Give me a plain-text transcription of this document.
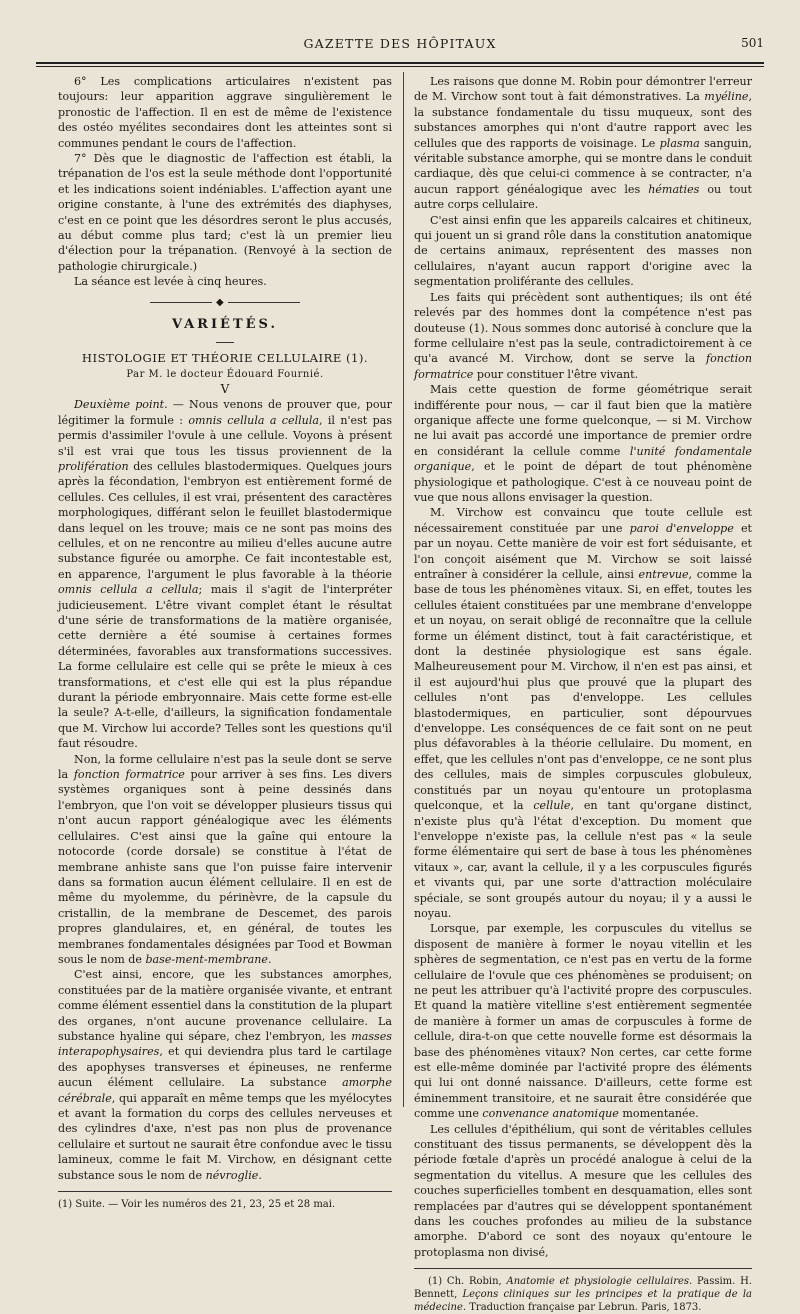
GAZETTE DES HÔPITAUX	501

6° Les complications articulaires n'existent pas toujours: leur apparition aggrave singulièrement le pronostic de l'affection. Il en est de même de l'existence des ostéo myélites secondaires dont les atteintes sont si communes pendant le cours de l'affection.

7° Dès que le diagnostic de l'affection est établi, la trépanation de l'os est la seule méthode dont l'opportunité et les indications soient indéniables. L'affection ayant une origine constante, à l'une des extrémités des diaphyses, c'est en ce point que les désordres seront le plus accusés, au début comme plus tard; c'est là un premier lieu d'élection pour la trépanation. (Renvoyé à la section de pathologie chirurgicale.)

La séance est levée à cinq heures.

◆

VARIÉTÉS.

HISTOLOGIE ET THÉORIE CELLULAIRE (1).

Par M. le docteur Édouard Fournié.

V

Deuxième point. — Nous venons de prouver que, pour légitimer la formule : omnis cellula a cellula, il n'est pas permis d'assimiler l'ovule à une cellule. Voyons à présent s'il est vrai que tous les tissus proviennent de la prolifération des cellules blastodermiques. Quelques jours après la fécondation, l'embryon est entièrement formé de cellules. Ces cellules, il est vrai, présentent des caractères morphologiques, différant selon le feuillet blastodermique dans lequel on les trouve; mais ce ne sont pas moins des cellules, et on ne rencontre au milieu d'elles aucune autre substance figurée ou amorphe. Ce fait incontestable est, en apparence, l'argument le plus favorable à la théorie omnis cellula a cellula; mais il s'agit de l'interpréter judicieusement. L'être vivant complet étant le résultat d'une série de transformations de la matière organisée, cette dernière a été soumise à certaines formes déterminées, favorables aux transformations successives. La forme cellulaire est celle qui se prête le mieux à ces transformations, et c'est elle qui est la plus répandue durant la période embryonnaire. Mais cette forme est-elle la seule? A-t-elle, d'ailleurs, la signification fondamentale que M. Virchow lui accorde? Telles sont les questions qu'il faut résoudre.

Non, la forme cellulaire n'est pas la seule dont se serve la fonction formatrice pour arriver à ses fins. Les divers systèmes organiques sont à peine dessinés dans l'embryon, que l'on voit se développer plusieurs tissus qui n'ont aucun rapport généalogique avec les éléments cellulaires. C'est ainsi que la gaîne qui entoure la notocorde (corde dorsale) se constitue à l'état de membrane anhiste sans que l'on puisse faire intervenir dans sa formation aucun élément cellulaire. Il en est de même du myolemme, du périnèvre, de la capsule du cristallin, de la membrane de Descemet, des parois propres glandulaires, et, en général, de toutes les membranes fondamentales désignées par Tood et Bowman sous le nom de base-ment-membrane.

C'est ainsi, encore, que les substances amorphes, constituées par de la matière organisée vivante, et entrant comme élément essentiel dans la constitution de la plupart des organes, n'ont aucune provenance cellulaire. La substance hyaline qui sépare, chez l'embryon, les masses interapophysaires, et qui deviendra plus tard le cartilage des apophyses transverses et épineuses, ne renferme aucun élément cellulaire. La substance amorphe cérébrale, qui apparaît en même temps que les myélocytes et avant la formation du corps des cellules nerveuses et des cylindres d'axe, n'est pas non plus de provenance cellulaire et surtout ne saurait être confondue avec le tissu lamineux, comme le fait M. Virchow, en désignant cette substance sous le nom de névroglie.

(1) Suite. — Voir les numéros des 21, 23, 25 et 28 mai.

Les raisons que donne M. Robin pour démontrer l'erreur de M. Virchow sont tout à fait démonstratives. La myéline, la substance fondamentale du tissu muqueux, sont des substances amorphes qui n'ont d'autre rapport avec les cellules que des rapports de voisinage. Le plasma sanguin, véritable substance amorphe, qui se montre dans le conduit cardiaque, dès que celui-ci commence à se contracter, n'a aucun rapport généalogique avec les hématies ou tout autre corps cellulaire.

C'est ainsi enfin que les appareils calcaires et chitineux, qui jouent un si grand rôle dans la constitution anatomique de certains animaux, représentent des masses non cellulaires, n'ayant aucun rapport d'origine avec la segmentation proliférante des cellules.

Les faits qui précèdent sont authentiques; ils ont été relevés par des hommes dont la compétence n'est pas douteuse (1). Nous sommes donc autorisé à conclure que la forme cellulaire n'est pas la seule, contradictoirement à ce qu'a avancé M. Virchow, dont se serve la fonction formatrice pour constituer l'être vivant.

Mais cette question de forme géométrique serait indifférente pour nous, — car il faut bien que la matière organique affecte une forme quelconque, — si M. Virchow ne lui avait pas accordé une importance de premier ordre en considérant la cellule comme l'unité fondamentale organique, et le point de départ de tout phénomène physiologique et pathologique. C'est à ce nouveau point de vue que nous allons envisager la question.

M. Virchow est convaincu que toute cellule est nécessairement constituée par une paroi d'enveloppe et par un noyau. Cette manière de voir est fort séduisante, et l'on conçoit aisément que M. Virchow se soit laissé entraîner à considérer la cellule, ainsi entrevue, comme la base de tous les phénomènes vitaux. Si, en effet, toutes les cellules étaient constituées par une membrane d'enveloppe et un noyau, on serait obligé de reconnaître que la cellule forme un élément distinct, tout à fait caractéristique, et dont la destinée physiologique est sans égale. Malheureusement pour M. Virchow, il n'en est pas ainsi, et il est aujourd'hui plus que prouvé que la plupart des cellules n'ont pas d'enveloppe. Les cellules blastodermiques, en particulier, sont dépourvues d'enveloppe. Les conséquences de ce fait sont on ne peut plus défavorables à la théorie cellulaire. Du moment, en effet, que les cellules n'ont pas d'enveloppe, ce ne sont plus des cellules, mais de simples corpuscules globuleux, constitués par un noyau qu'entoure un protoplasma quelconque, et la cellule, en tant qu'organe distinct, n'existe plus qu'à l'état d'exception. Du moment que l'enveloppe n'existe pas, la cellule n'est pas « la seule forme élémentaire qui sert de base à tous les phénomènes vitaux », car, avant la cellule, il y a les corpuscules figurés et vivants qui, par une sorte d'attraction moléculaire spéciale, se sont groupés autour du noyau; il y a aussi le noyau.

Lorsque, par exemple, les corpuscules du vitellus se disposent de manière à former le noyau vitellin et les sphères de segmentation, ce n'est pas en vertu de la forme cellulaire de l'ovule que ces phénomènes se produisent; on ne peut les attribuer qu'à l'activité propre des corpuscules. Et quand la matière vitelline s'est entièrement segmentée de manière à former un amas de corpuscules à forme de cellule, dira-t-on que cette nouvelle forme est désormais la base des phénomènes vitaux? Non certes, car cette forme est elle-même dominée par l'activité propre des éléments qui lui ont donné naissance. D'ailleurs, cette forme est éminemment transitoire, et ne saurait être considérée que comme une convenance anatomique momentanée.

Les cellules d'épithélium, qui sont de véritables cellules constituant des tissus permanents, se développent dès la période fœtale d'après un procédé analogue à celui de la segmentation du vitellus. A mesure que les cellules des couches superficielles tombent en desquamation, elles sont remplacées par d'autres qui se développent spontanément dans les couches profondes au milieu de la substance amorphe. D'abord ce sont des noyaux qu'entoure le protoplasma non divisé,

(1) Ch. Robin, Anatomie et physiologie cellulaires. Passim. H. Bennett, Leçons cliniques sur les principes et la pratique de la médecine. Traduction française par Lebrun. Paris, 1873.
